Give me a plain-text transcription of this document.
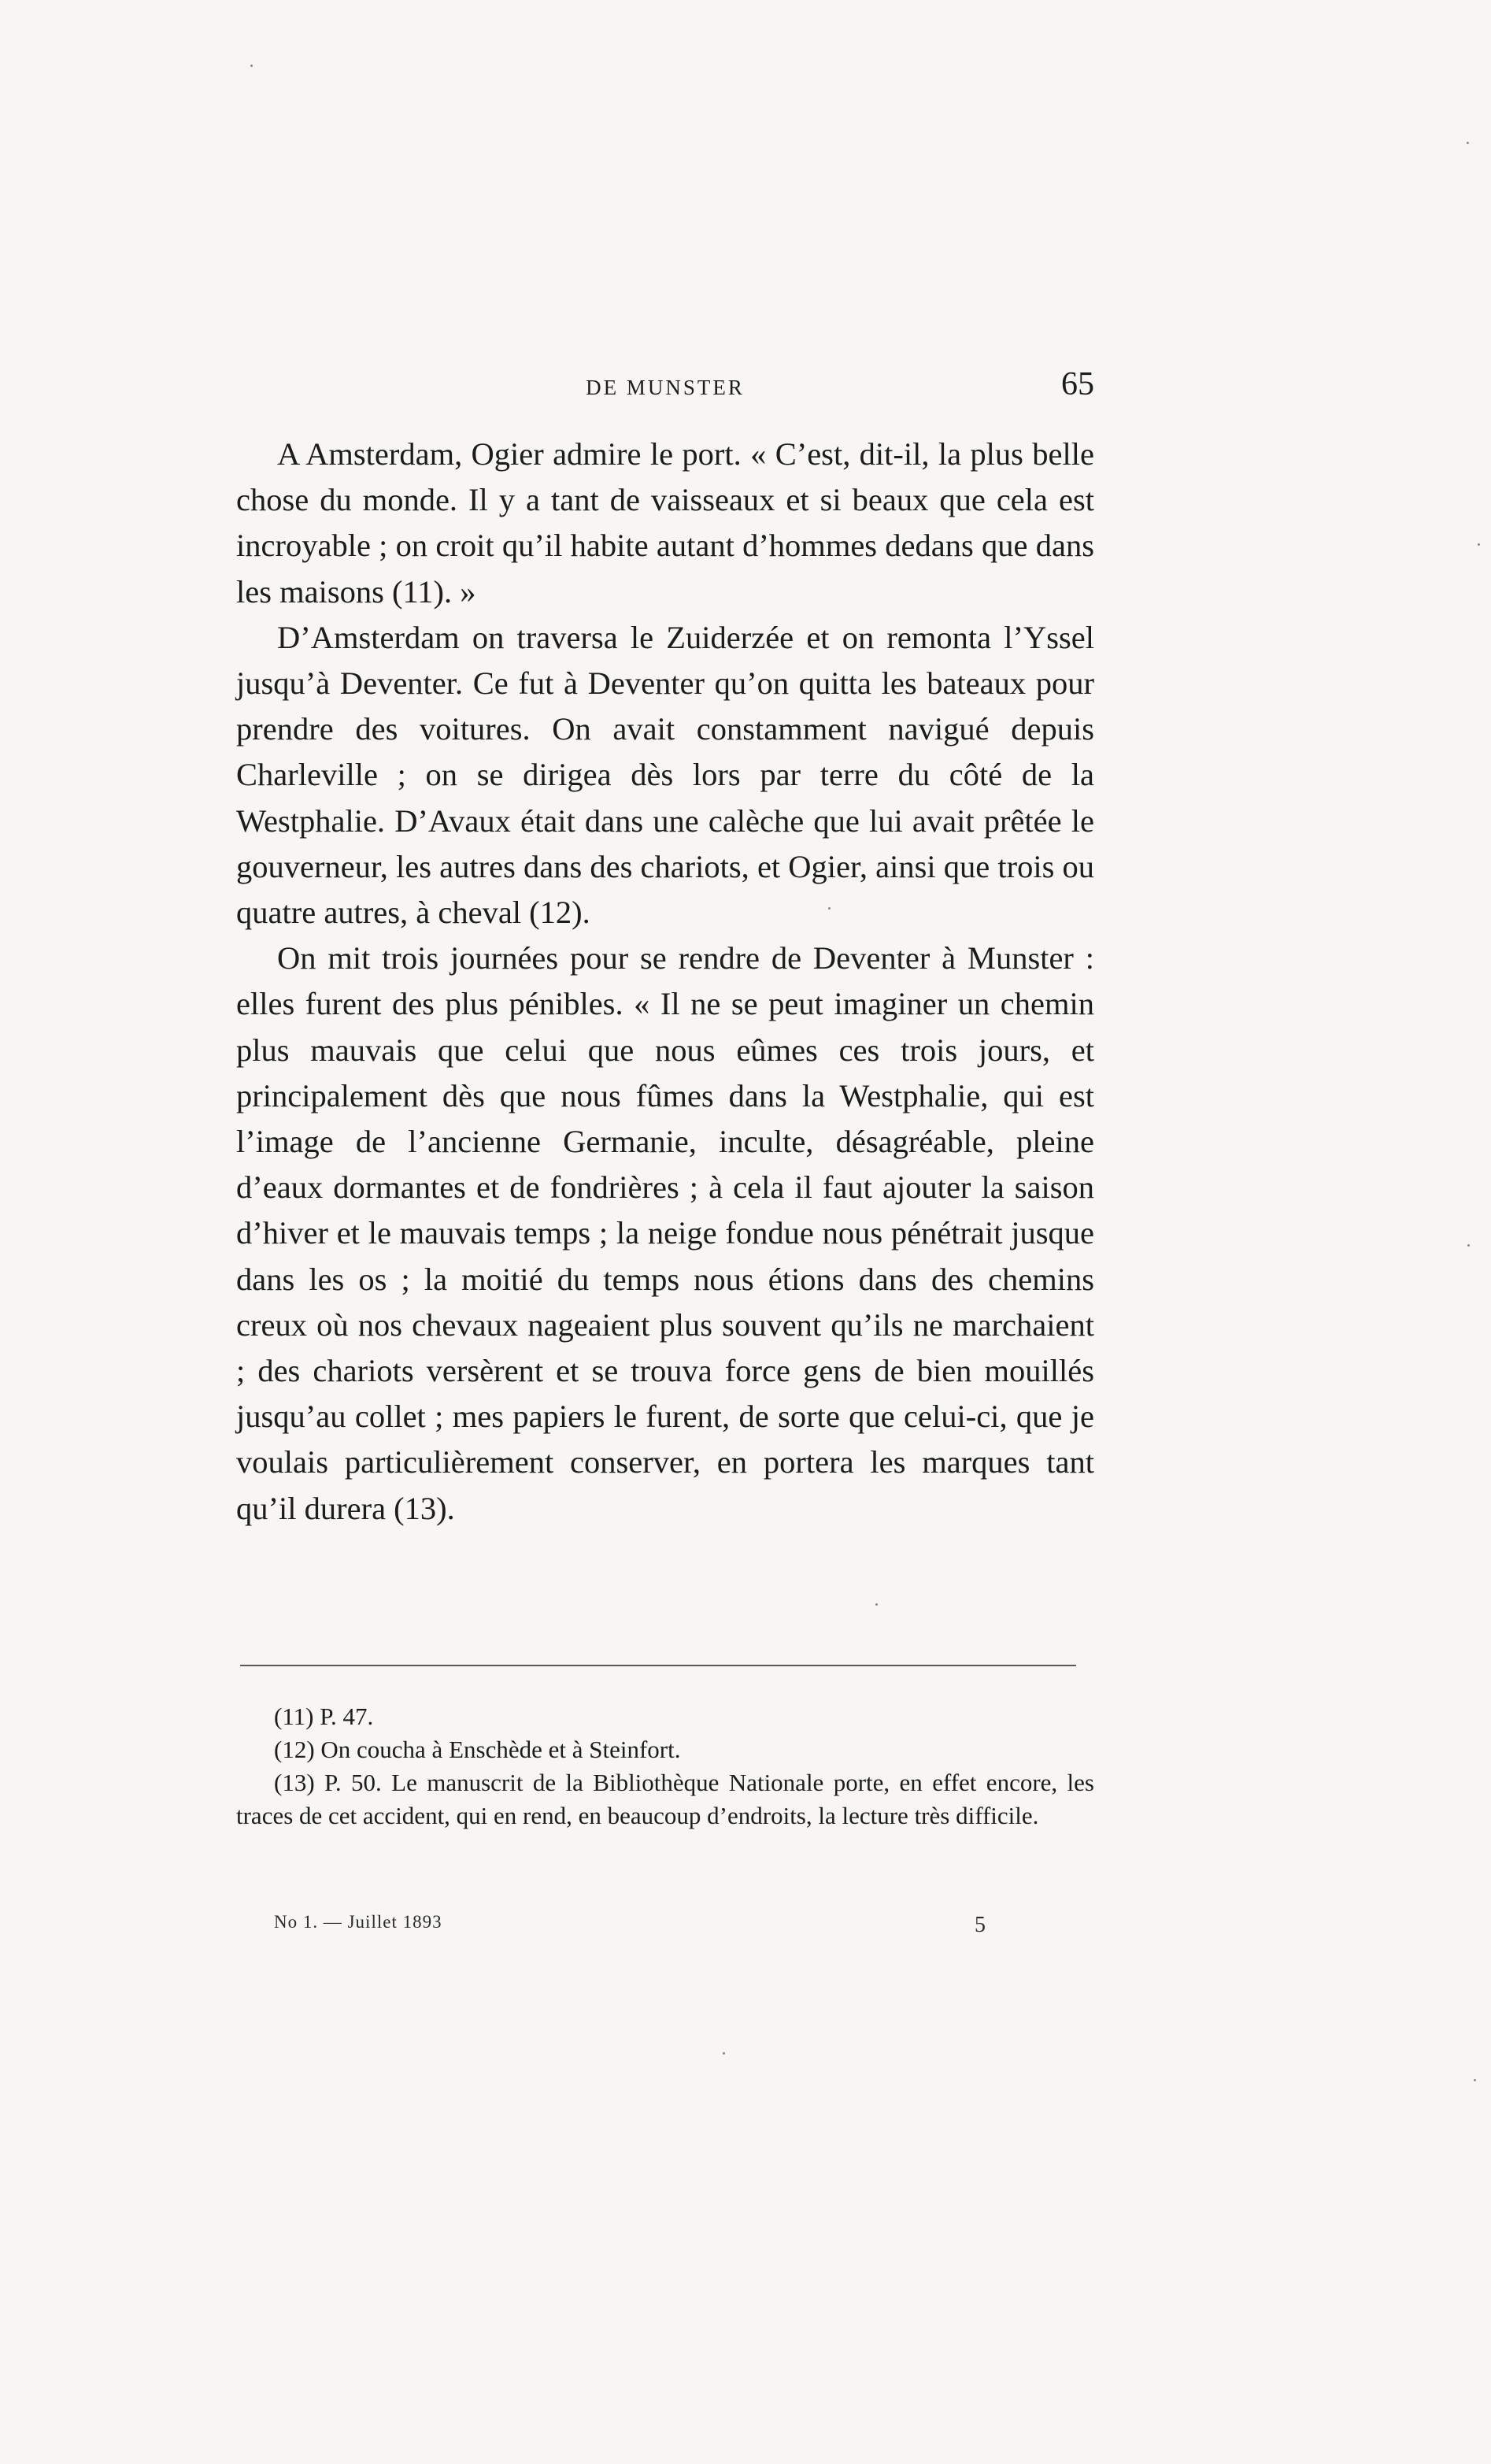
DE MUNSTER	65

A Amsterdam, Ogier admire le port. « C’est, dit-il, la plus belle chose du monde. Il y a tant de vaisseaux et si beaux que cela est incroyable ; on croit qu’il habite autant d’hommes dedans que dans les maisons (11). »

D’Amsterdam on traversa le Zuiderzée et on remonta l’Yssel jusqu’à Deventer. Ce fut à Deventer qu’on quitta les bateaux pour prendre des voitures. On avait constamment navigué depuis Charleville ; on se dirigea dès lors par terre du côté de la Westphalie. D’Avaux était dans une calèche que lui avait prêtée le gouverneur, les autres dans des chariots, et Ogier, ainsi que trois ou quatre autres, à cheval (12).

On mit trois journées pour se rendre de Deventer à Munster : elles furent des plus pénibles. « Il ne se peut imaginer un chemin plus mauvais que celui que nous eûmes ces trois jours, et principalement dès que nous fûmes dans la Westphalie, qui est l’image de l’ancienne Germanie, inculte, désagréable, pleine d’eaux dormantes et de fondrières ; à cela il faut ajouter la saison d’hiver et le mauvais temps ; la neige fondue nous pénétrait jusque dans les os ; la moitié du temps nous étions dans des chemins creux où nos chevaux nageaient plus souvent qu’ils ne marchaient ; des chariots versèrent et se trouva force gens de bien mouillés jusqu’au collet ; mes papiers le furent, de sorte que celui-ci, que je voulais particulièrement conserver, en portera les marques tant qu’il durera (13).

(11) P. 47.

(12) On coucha à Enschède et à Steinfort.

(13) P. 50. Le manuscrit de la Bibliothèque Nationale porte, en effet encore, les traces de cet accident, qui en rend, en beaucoup d’endroits, la lecture très difficile.

No 1. — Juillet 1893	5
